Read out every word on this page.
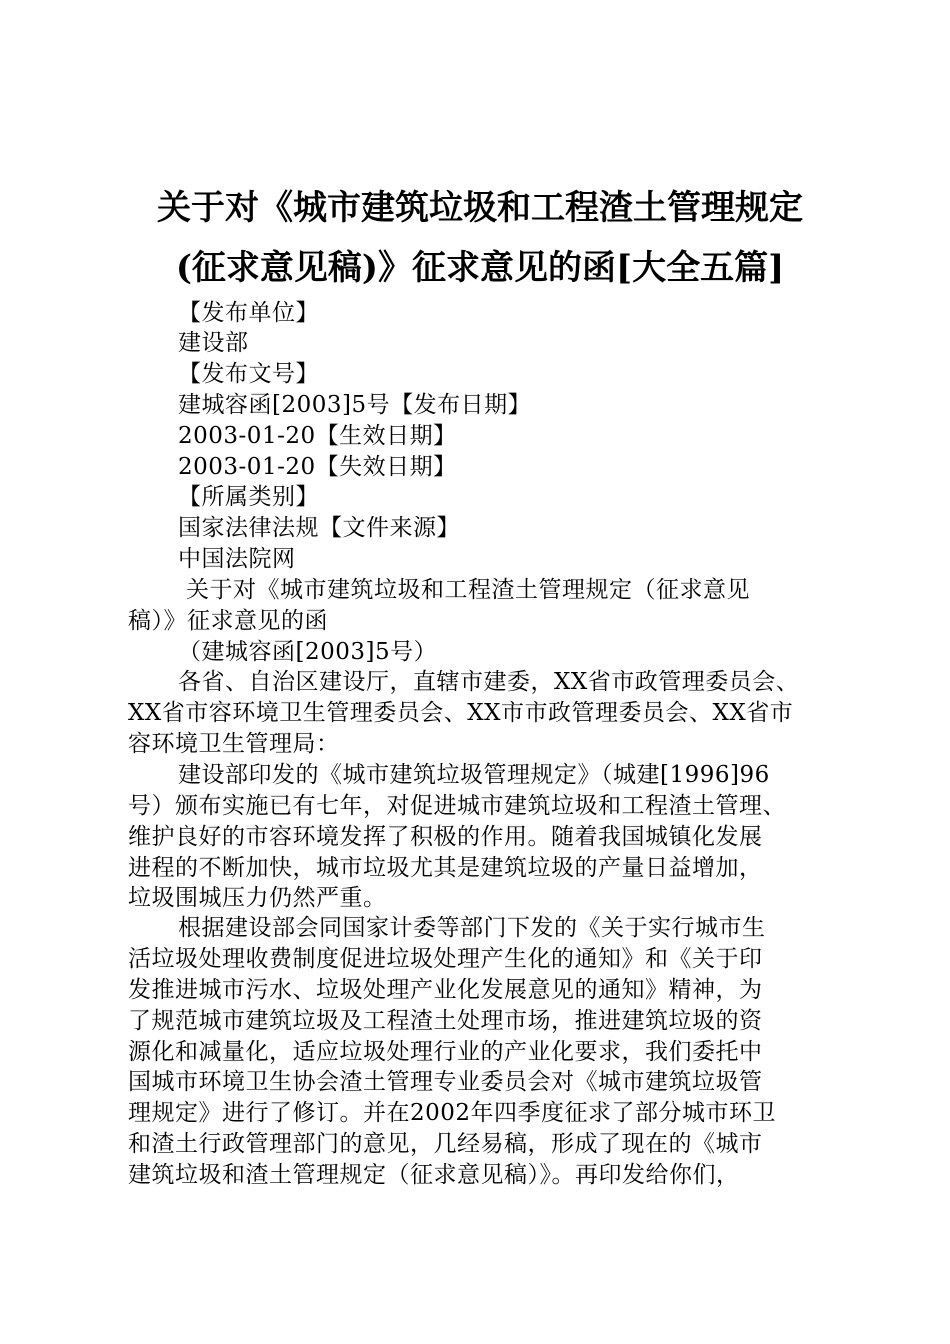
关于对《城市建筑垃圾和工程渣土管理规定
(征求意见稿)》征求意见的函[大全五篇]
【发布单位】
建设部
【发布文号】
建城容函[2003]5号【发布日期】
2003-01-20【生效日期】
2003-01-20【失效日期】
【所属类别】
国家法律法规【文件来源】
中国法院网
关于对《城市建筑垃圾和工程渣土管理规定（征求意见
稿）》征求意见的函
（建城容函[2003]5号）
各省、自治区建设厅，直辖市建委，XX省市政管理委员会、
XX省市容环境卫生管理委员会、XX市市政管理委员会、XX省市
容环境卫生管理局：
建设部印发的《城市建筑垃圾管理规定》（城建[1996]96
号）颁布实施已有七年，对促进城市建筑垃圾和工程渣土管理、
维护良好的市容环境发挥了积极的作用。随着我国城镇化发展
进程的不断加快，城市垃圾尤其是建筑垃圾的产量日益增加，
垃圾围城压力仍然严重。
根据建设部会同国家计委等部门下发的《关于实行城市生
活垃圾处理收费制度促进垃圾处理产生化的通知》和《关于印
发推进城市污水、垃圾处理产业化发展意见的通知》精神，为
了规范城市建筑垃圾及工程渣土处理市场，推进建筑垃圾的资
源化和减量化，适应垃圾处理行业的产业化要求，我们委托中
国城市环境卫生协会渣土管理专业委员会对《城市建筑垃圾管
理规定》进行了修订。并在2002年四季度征求了部分城市环卫
和渣土行政管理部门的意见，几经易稿，形成了现在的《城市
建筑垃圾和渣土管理规定（征求意见稿）》。再印发给你们，
